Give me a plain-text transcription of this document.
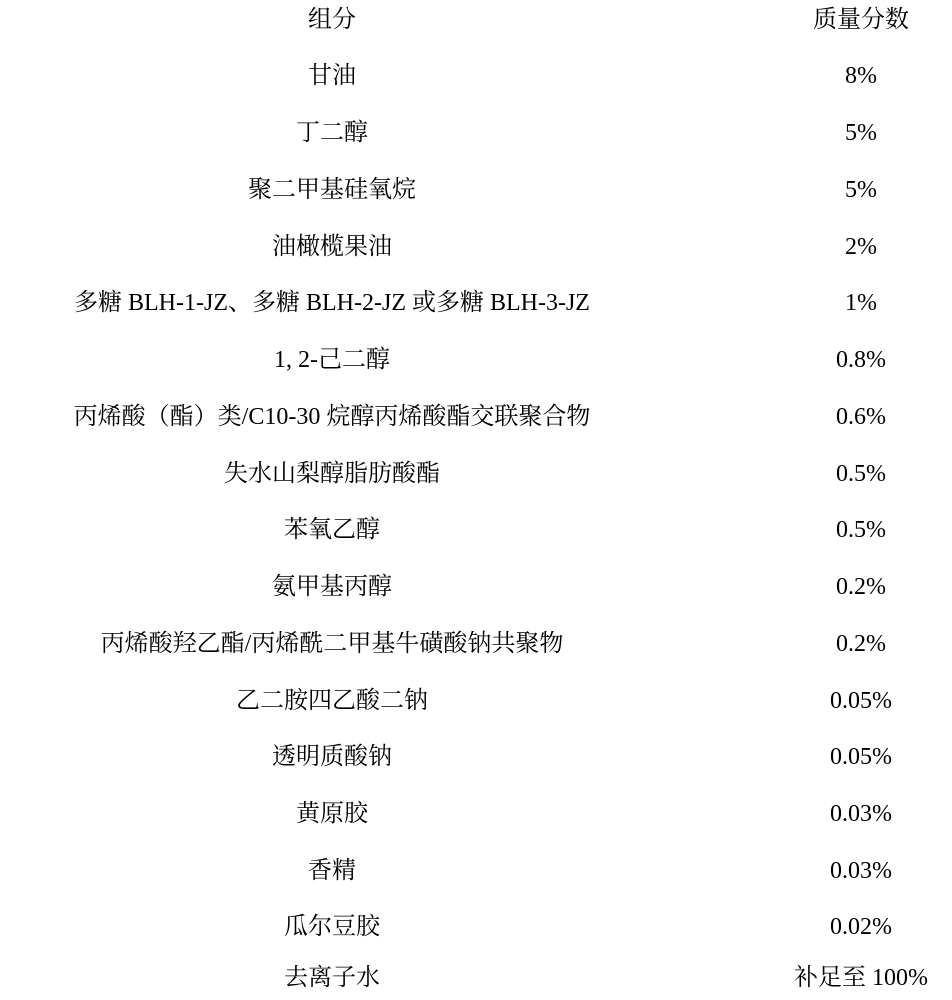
组分	质量分数
甘油	8%
丁二醇	5%
聚二甲基硅氧烷	5%
油橄榄果油	2%
多糖 BLH-1-JZ、多糖 BLH-2-JZ 或多糖 BLH-3-JZ	1%
1, 2-己二醇	0.8%
丙烯酸（酯）类/C10-30 烷醇丙烯酸酯交联聚合物	0.6%
失水山梨醇脂肪酸酯	0.5%
苯氧乙醇	0.5%
氨甲基丙醇	0.2%
丙烯酸羟乙酯/丙烯酰二甲基牛磺酸钠共聚物	0.2%
乙二胺四乙酸二钠	0.05%
透明质酸钠	0.05%
黄原胶	0.03%
香精	0.03%
瓜尔豆胶	0.02%
去离子水	补足至 100%
